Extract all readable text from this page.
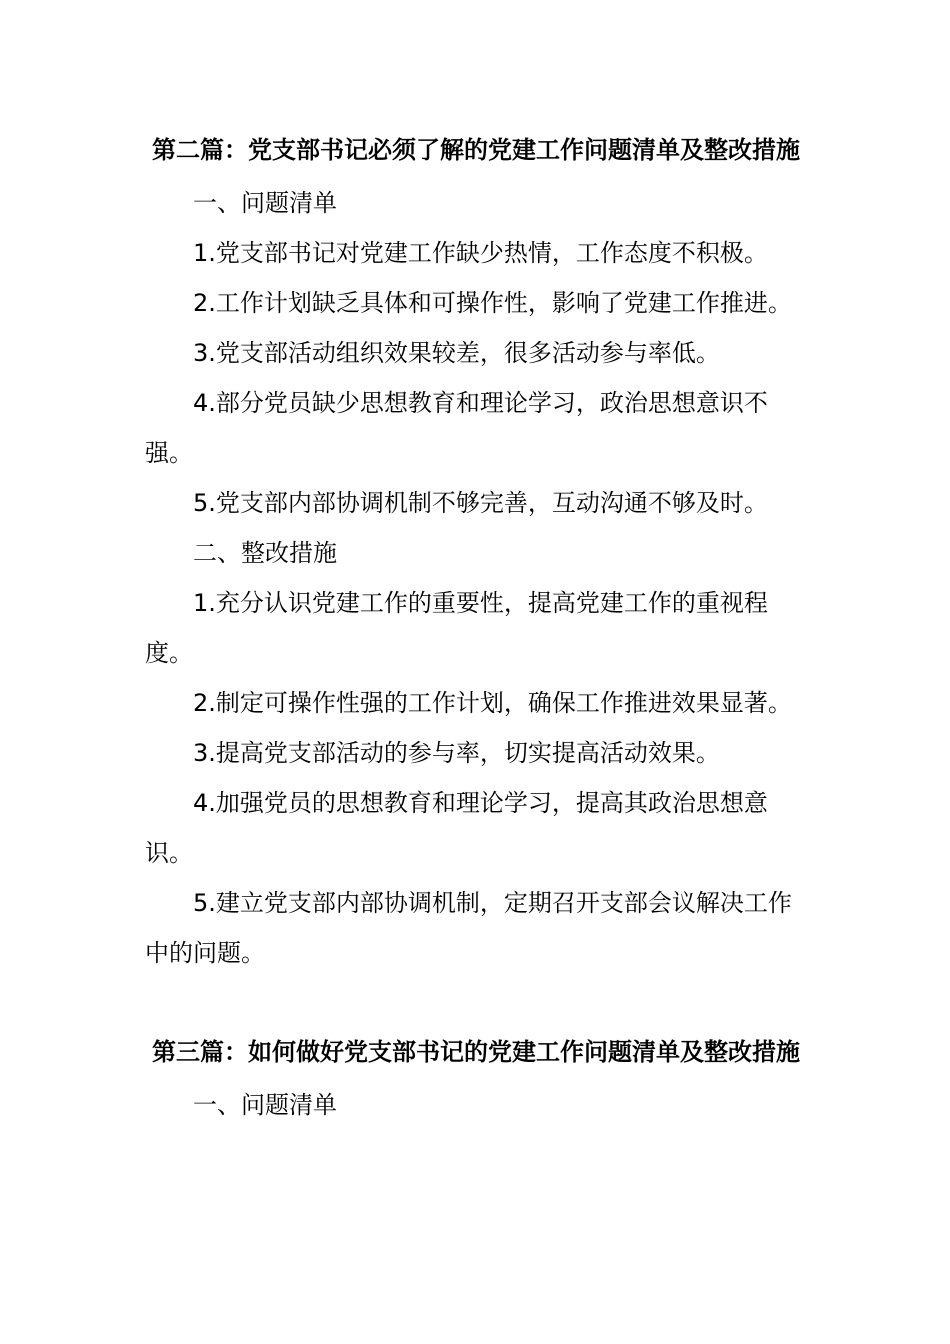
第二篇：党支部书记必须了解的党建工作问题清单及整改措施

一、问题清单

1.党支部书记对党建工作缺少热情，工作态度不积极。

2.工作计划缺乏具体和可操作性，影响了党建工作推进。

3.党支部活动组织效果较差，很多活动参与率低。

4.部分党员缺少思想教育和理论学习，政治思想意识不强。

5.党支部内部协调机制不够完善，互动沟通不够及时。

二、整改措施

1.充分认识党建工作的重要性，提高党建工作的重视程度。

2.制定可操作性强的工作计划，确保工作推进效果显著。

3.提高党支部活动的参与率，切实提高活动效果。

4.加强党员的思想教育和理论学习，提高其政治思想意识。

5.建立党支部内部协调机制，定期召开支部会议解决工作中的问题。

第三篇：如何做好党支部书记的党建工作问题清单及整改措施

一、问题清单
